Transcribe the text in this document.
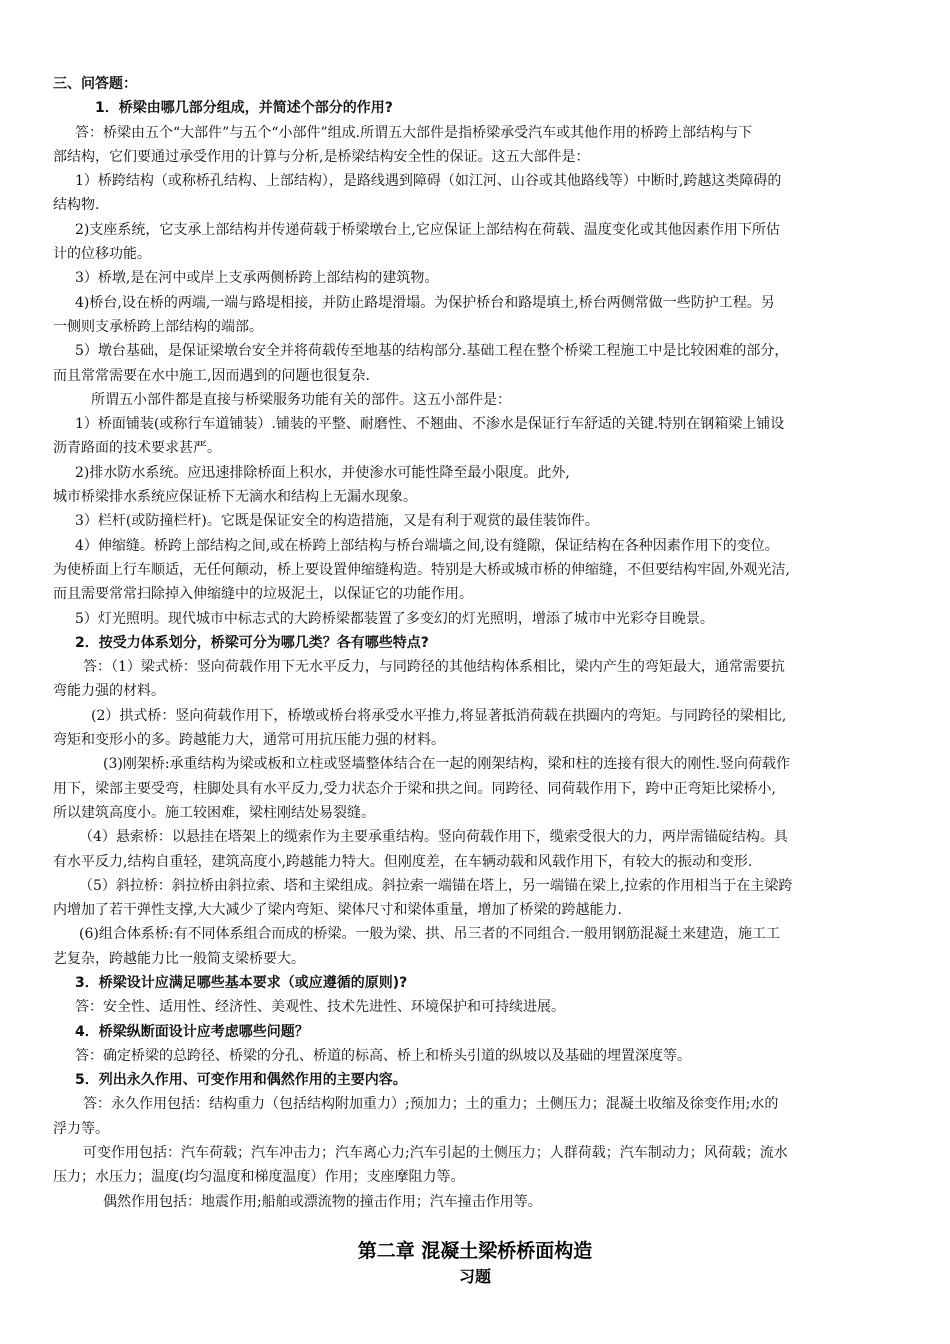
三、问答题：
1．桥梁由哪几部分组成，并简述个部分的作用?
答：桥梁由五个“大部件”与五个“小部件”组成.所谓五大部件是指桥梁承受汽车或其他作用的桥跨上部结构与下
部结构，它们要通过承受作用的计算与分析,是桥梁结构安全性的保证。这五大部件是：
1）桥跨结构（或称桥孔结构、上部结构），是路线遇到障碍（如江河、山谷或其他路线等）中断时,跨越这类障碍的
结构物.
2)支座系统，它支承上部结构并传递荷载于桥梁墩台上,它应保证上部结构在荷载、温度变化或其他因素作用下所估
计的位移功能。
3）桥墩,是在河中或岸上支承两侧桥跨上部结构的建筑物。
4)桥台,设在桥的两端,一端与路堤相接，并防止路堤滑塌。为保护桥台和路堤填土,桥台两侧常做一些防护工程。另
一侧则支承桥跨上部结构的端部。
5）墩台基础，是保证梁墩台安全并将荷载传至地基的结构部分.基础工程在整个桥梁工程施工中是比较困难的部分，
而且常常需要在水中施工,因而遇到的问题也很复杂.
所谓五小部件都是直接与桥梁服务功能有关的部件。这五小部件是：
1）桥面铺装(或称行车道铺装）.铺装的平整、耐磨性、不翘曲、不渗水是保证行车舒适的关键.特别在钢箱梁上铺设
沥青路面的技术要求甚严。
2)排水防水系统。应迅速排除桥面上积水，并使渗水可能性降至最小限度。此外,
城市桥梁排水系统应保证桥下无滴水和结构上无漏水现象。
3）栏杆(或防撞栏杆)。它既是保证安全的构造措施，又是有利于观赏的最佳装饰件。
4）伸缩缝。桥跨上部结构之间,或在桥跨上部结构与桥台端墙之间,设有缝隙，保证结构在各种因素作用下的变位。
为使桥面上行车顺适，无任何颠动，桥上要设置伸缩缝构造。特别是大桥或城市桥的伸缩缝，不但要结构牢固,外观光洁,
而且需要常常扫除掉入伸缩缝中的垃圾泥土，以保证它的功能作用。
5）灯光照明。现代城市中标志式的大跨桥梁都装置了多变幻的灯光照明，增添了城市中光彩夺目晚景。
2．按受力体系划分，桥梁可分为哪几类？各有哪些特点?
答：（1）梁式桥：竖向荷载作用下无水平反力，与同跨径的其他结构体系相比，梁内产生的弯矩最大，通常需要抗
弯能力强的材料。
(2）拱式桥：竖向荷载作用下，桥墩或桥台将承受水平推力,将显著抵消荷载在拱圈内的弯矩。与同跨径的梁相比,
弯矩和变形小的多。跨越能力大，通常可用抗压能力强的材料。
(3)刚架桥:承重结构为梁或板和立柱或竖墙整体结合在一起的刚架结构，梁和柱的连接有很大的刚性.竖向荷载作
用下，梁部主要受弯，柱脚处具有水平反力,受力状态介于梁和拱之间。同跨径、同荷载作用下，跨中正弯矩比梁桥小,
所以建筑高度小。施工较困难，梁柱刚结处易裂缝。
（4）悬索桥：以悬挂在塔架上的缆索作为主要承重结构。竖向荷载作用下，缆索受很大的力，两岸需锚碇结构。具
有水平反力,结构自重轻，建筑高度小,跨越能力特大。但刚度差，在车辆动载和风载作用下，有较大的振动和变形.
（5）斜拉桥：斜拉桥由斜拉索、塔和主梁组成。斜拉索一端锚在塔上，另一端锚在梁上,拉索的作用相当于在主梁跨
内增加了若干弹性支撑,大大减少了梁内弯矩、梁体尺寸和梁体重量，增加了桥梁的跨越能力.
(6)组合体系桥:有不同体系组合而成的桥梁。一般为梁、拱、吊三者的不同组合.一般用钢筋混凝土来建造，施工工
艺复杂，跨越能力比一般简支梁桥要大。
3．桥梁设计应满足哪些基本要求（或应遵循的原则)?
答：安全性、适用性、经济性、美观性、技术先进性、环境保护和可持续进展。
4．桥梁纵断面设计应考虑哪些问题？
答：确定桥梁的总跨径、桥梁的分孔、桥道的标高、桥上和桥头引道的纵坡以及基础的埋置深度等。
5．列出永久作用、可变作用和偶然作用的主要内容。
答：永久作用包括：结构重力（包括结构附加重力）;预加力；土的重力；土侧压力；混凝土收缩及徐变作用;水的
浮力等。
可变作用包括：汽车荷载；汽车冲击力；汽车离心力;汽车引起的土侧压力；人群荷载；汽车制动力；风荷载；流水
压力；水压力；温度(均匀温度和梯度温度）作用；支座摩阻力等。
偶然作用包括：地震作用;船舶或漂流物的撞击作用；汽车撞击作用等。
第二章 混凝土梁桥桥面构造
习题
